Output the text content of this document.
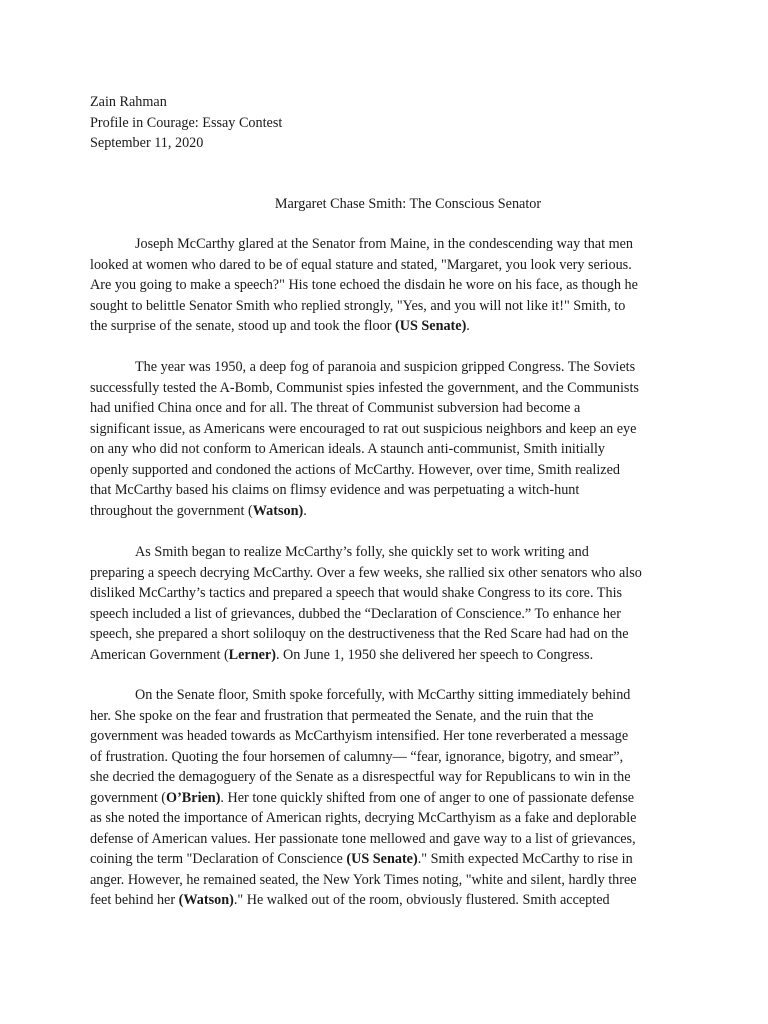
Zain Rahman
Profile in Courage: Essay Contest
September 11, 2020
Margaret Chase Smith: The Conscious Senator
Joseph McCarthy glared at the Senator from Maine, in the condescending way that men
looked at women who dared to be of equal stature and stated, "Margaret, you look very serious.
Are you going to make a speech?" His tone echoed the disdain he wore on his face, as though he
sought to belittle Senator Smith who replied strongly, "Yes, and you will not like it!" Smith, to
the surprise of the senate, stood up and took the floor (US Senate).
The year was 1950, a deep fog of paranoia and suspicion gripped Congress. The Soviets
successfully tested the A-Bomb, Communist spies infested the government, and the Communists
had unified China once and for all. The threat of Communist subversion had become a
significant issue, as Americans were encouraged to rat out suspicious neighbors and keep an eye
on any who did not conform to American ideals. A staunch anti-communist, Smith initially
openly supported and condoned the actions of McCarthy. However, over time, Smith realized
that McCarthy based his claims on flimsy evidence and was perpetuating a witch-hunt
throughout the government (Watson).
As Smith began to realize McCarthy’s folly, she quickly set to work writing and
preparing a speech decrying McCarthy. Over a few weeks, she rallied six other senators who also
disliked McCarthy’s tactics and prepared a speech that would shake Congress to its core. This
speech included a list of grievances, dubbed the “Declaration of Conscience.” To enhance her
speech, she prepared a short soliloquy on the destructiveness that the Red Scare had had on the
American Government (Lerner). On June 1, 1950 she delivered her speech to Congress.
On the Senate floor, Smith spoke forcefully, with McCarthy sitting immediately behind
her. She spoke on the fear and frustration that permeated the Senate, and the ruin that the
government was headed towards as McCarthyism intensified. Her tone reverberated a message
of frustration. Quoting the four horsemen of calumny— “fear, ignorance, bigotry, and smear”,
she decried the demagoguery of the Senate as a disrespectful way for Republicans to win in the
government (O’Brien). Her tone quickly shifted from one of anger to one of passionate defense
as she noted the importance of American rights, decrying McCarthyism as a fake and deplorable
defense of American values. Her passionate tone mellowed and gave way to a list of grievances,
coining the term "Declaration of Conscience (US Senate)." Smith expected McCarthy to rise in
anger. However, he remained seated, the New York Times noting, "white and silent, hardly three
feet behind her (Watson)." He walked out of the room, obviously flustered. Smith accepted
